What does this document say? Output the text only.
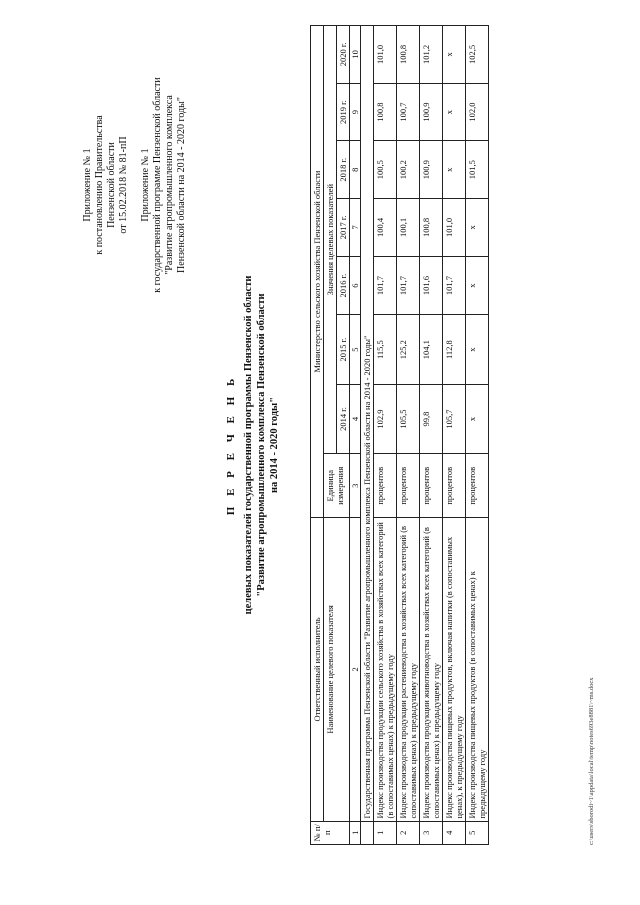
Приложение № 1 к постановлению Правительства Пензенской области от 15.02.2018 № 81-пП Приложение № 1 к государственной программе Пензенской области "Развитие агропромышленного комплекса Пензенской области на 2014 - 2020 годы"
П Е Р Е Ч Е Н Ь целевых показателей государственной программы Пензенской области "Развитие агропромышленного комплекса Пензенской области на 2014 - 2020 годы"
№ п/п	Ответственный исполнитель	Министерство сельского хозяйства Пензенской области							
	Наименование целевого показателя	Единица измерения	Значения целевых показателей						
			2014 г.	2015 г.	2016 г.	2017 г.	2018 г.	2019 г.	2020 г.
1	2	3	4	5	6	7	8	9	10
	Государственная программа Пензенской области "Развитие агропромышленного комплекса Пензенской области на 2014 - 2020 годы"								
1	Индекс производства продукции сельского хозяйства в хозяйствах всех категорий (в сопоставимых ценах) к предыдущему году	процентов	102,9	115,5	101,7	100,4	100,5	100,8	101,0
2	Индекс производства продукции растениеводства в хозяйствах всех категорий (в сопоставимых ценах) к предыдущему году	процентов	105,5	125,2	101,7	100,1	100,2	100,7	100,8
3	Индекс производства продукции животноводства в хозяйствах всех категорий (в сопоставимых ценах) к предыдущему году	процентов	99,8	104,1	101,6	100,8	100,9	100,9	101,2
4	Индекс производства пищевых продуктов, включая напитки (в сопоставимых ценах), к предыдущему году	процентов	105,7	112,8	101,7	101,0	х	х	х
5	Индекс производства пищевых продуктов (в сопоставимых ценах) к предыдущему году	процентов	х	х	х	х	101,5	102,0	102,5
c:\users\sborodi~1\appdata\local\temp\notes693e8881\~ms.docx
